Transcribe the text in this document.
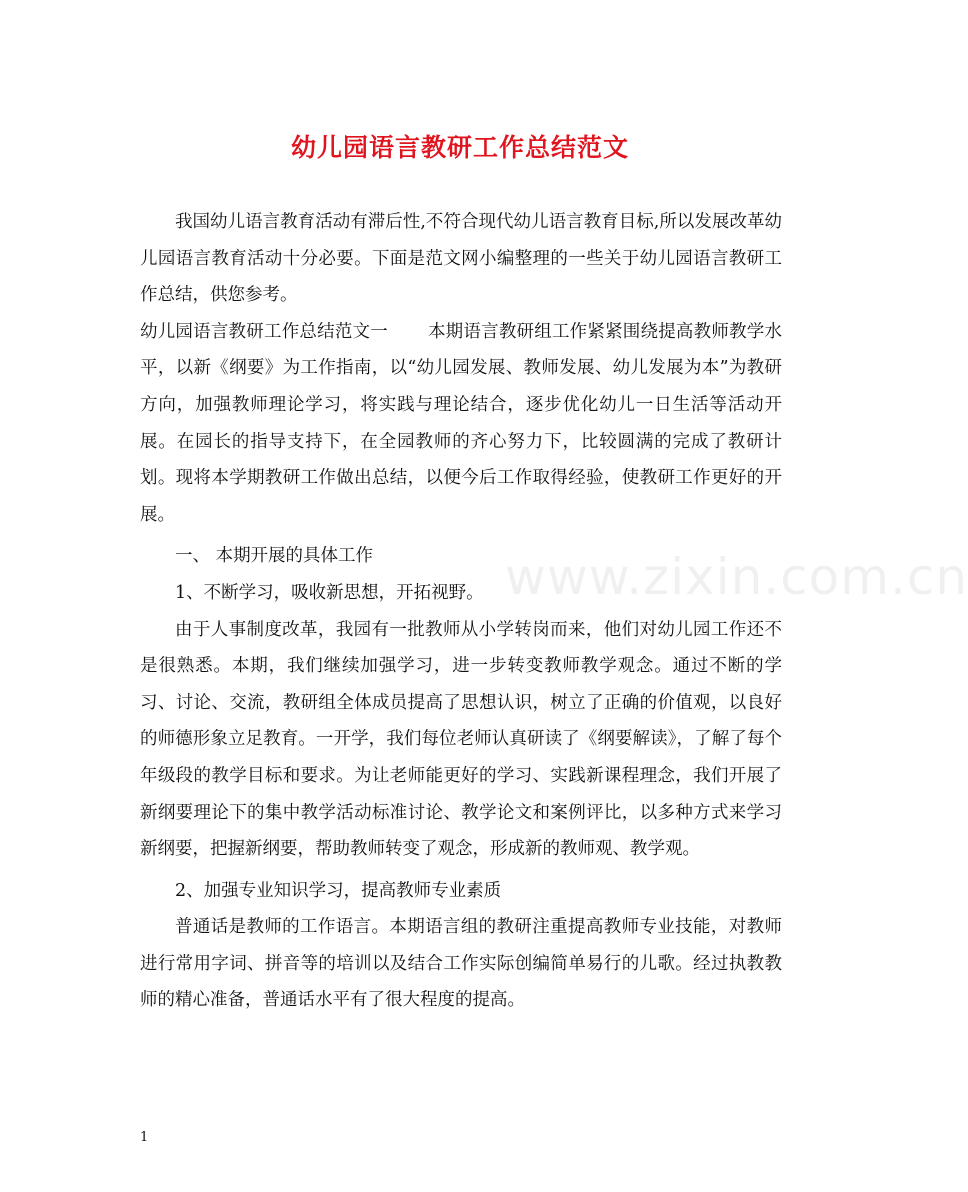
幼儿园语言教研工作总结范文

我国幼儿语言教育活动有滞后性,不符合现代幼儿语言教育目标,所以发展改革幼儿园语言教育活动十分必要。下面是范文网小编整理的一些关于幼儿园语言教研工作总结，供您参考。

幼儿园语言教研工作总结范文一 本期语言教研组工作紧紧围绕提高教师教学水平，以新《纲要》为工作指南，以“幼儿园发展、教师发展、幼儿发展为本”为教研方向，加强教师理论学习，将实践与理论结合，逐步优化幼儿一日生活等活动开展。在园长的指导支持下，在全园教师的齐心努力下，比较圆满的完成了教研计划。现将本学期教研工作做出总结，以便今后工作取得经验，使教研工作更好的开展。

一、 本期开展的具体工作

1、不断学习，吸收新思想，开拓视野。

由于人事制度改革，我园有一批教师从小学转岗而来，他们对幼儿园工作还不是很熟悉。本期，我们继续加强学习，进一步转变教师教学观念。通过不断的学习、讨论、交流，教研组全体成员提高了思想认识，树立了正确的价值观，以良好的师德形象立足教育。一开学，我们每位老师认真研读了《纲要解读》，了解了每个年级段的教学目标和要求。为让老师能更好的学习、实践新课程理念，我们开展了新纲要理论下的集中教学活动标准讨论、教学论文和案例评比，以多种方式来学习新纲要，把握新纲要，帮助教师转变了观念，形成新的教师观、教学观。

2、加强专业知识学习，提高教师专业素质

普通话是教师的工作语言。本期语言组的教研注重提高教师专业技能，对教师进行常用字词、拼音等的培训以及结合工作实际创编简单易行的儿歌。经过执教教师的精心准备，普通话水平有了很大程度的提高。

www.zixin.com.cn
1
